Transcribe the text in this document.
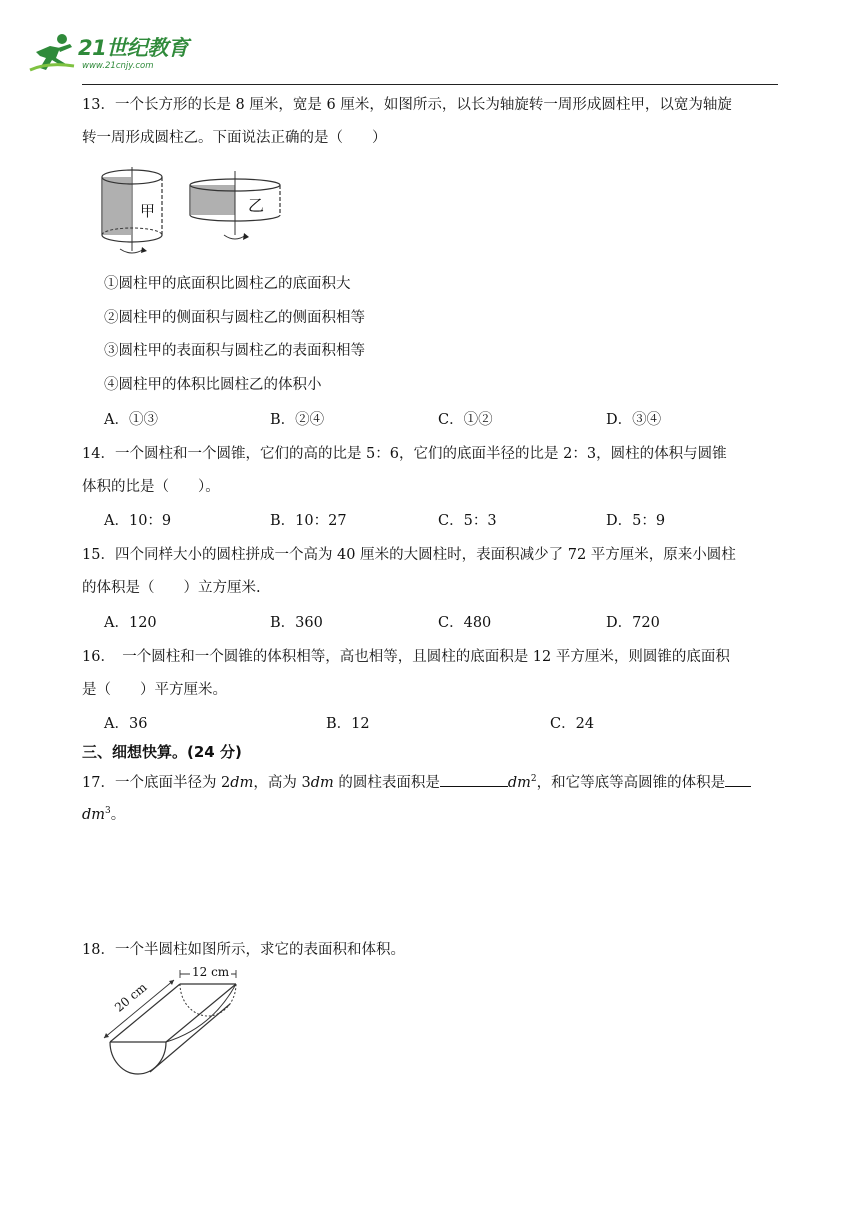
21世纪教育
www.21cnjy.com
13．一个长方形的长是 8 厘米，宽是 6 厘米，如图所示，以长为轴旋转一周形成圆柱甲，以宽为轴旋
转一周形成圆柱乙。下面说法正确的是（　　）
甲	乙
①圆柱甲的底面积比圆柱乙的底面积大
②圆柱甲的侧面积与圆柱乙的侧面积相等
③圆柱甲的表面积与圆柱乙的表面积相等
④圆柱甲的体积比圆柱乙的体积小
A．①③	B．②④	C．①②	D．③④
14．一个圆柱和一个圆锥，它们的高的比是 5：6，它们的底面半径的比是 2：3，圆柱的体积与圆锥
体积的比是（　　）。
A．10：9	B．10：27	C．5：3	D．5：9
15．四个同样大小的圆柱拼成一个高为 40 厘米的大圆柱时，表面积减少了 72 平方厘米，原来小圆柱
的体积是（　　）立方厘米.
A．120	B．360	C．480	D．720
16．　一个圆柱和一个圆锥的体积相等，高也相等，且圆柱的底面积是 12 平方厘米，则圆锥的底面积
是（　　）平方厘米。
A．36	B．12	C．24
三、细想快算。(24 分)
17．一个底面半径为 2dm，高为 3dm 的圆柱表面积是	$dm^2$，和它等底等高圆锥的体积是
$dm^3$。
18．一个半圆柱如图所示，求它的表面积和体积。
20 cm
12 cm
